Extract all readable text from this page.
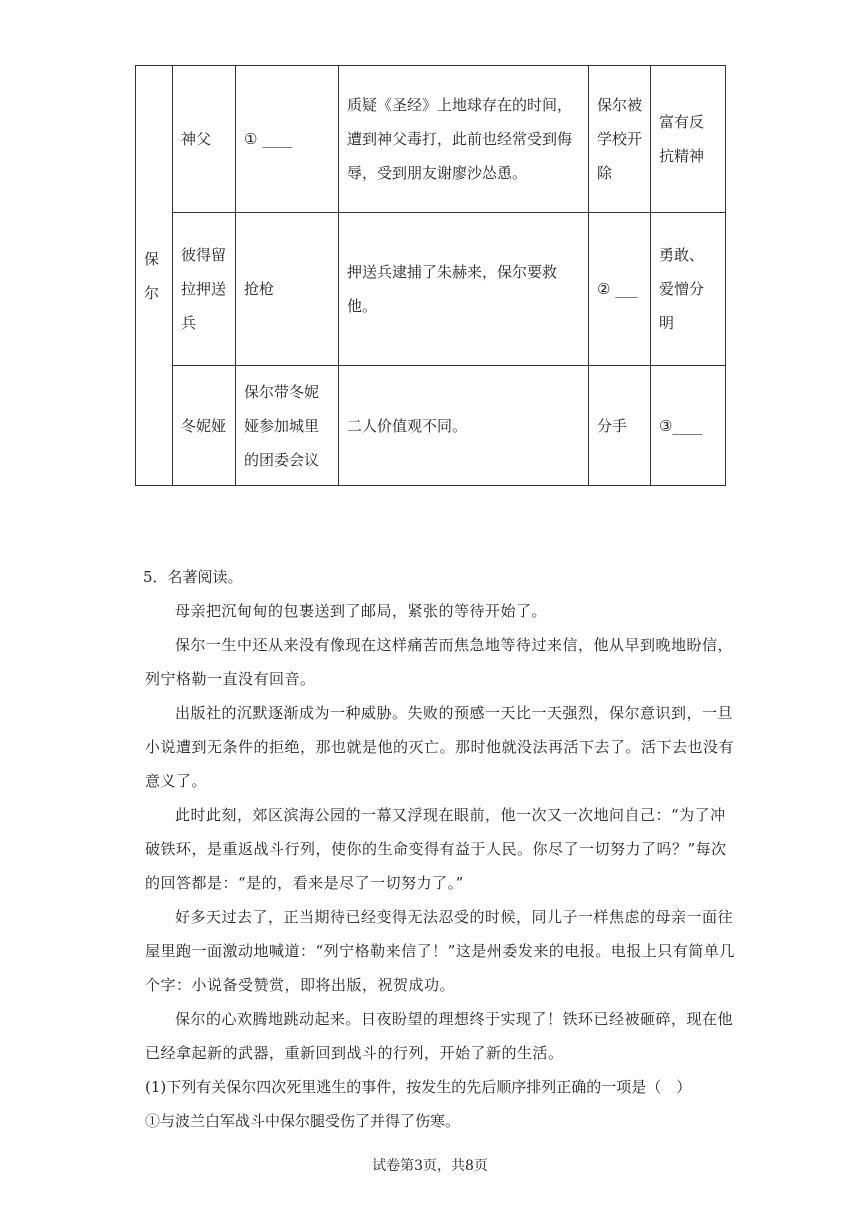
保尔	神父	① ____	质疑《圣经》上地球存在的时间，遭到神父毒打，此前也经常受到侮辱，受到朋友谢廖沙怂恿。	保尔被学校开除	富有反抗精神
	彼得留拉押送兵	抢枪	押送兵逮捕了朱赫来，保尔要救他。	② ___	勇敢、爱憎分明
	冬妮娅	保尔带冬妮娅参加城里的团委会议	二人价值观不同。	分手	③____
5．名著阅读。

母亲把沉甸甸的包裹送到了邮局，紧张的等待开始了。

保尔一生中还从来没有像现在这样痛苦而焦急地等待过来信，他从早到晚地盼信，列宁格勒一直没有回音。

出版社的沉默逐渐成为一种威胁。失败的预感一天比一天强烈，保尔意识到，一旦小说遭到无条件的拒绝，那也就是他的灭亡。那时他就没法再活下去了。活下去也没有意义了。

此时此刻，郊区滨海公园的一幕又浮现在眼前，他一次又一次地问自己：“为了冲破铁环，是重返战斗行列，使你的生命变得有益于人民。你尽了一切努力了吗？”每次的回答都是：“是的，看来是尽了一切努力了。”

好多天过去了，正当期待已经变得无法忍受的时候，同儿子一样焦虑的母亲一面往屋里跑一面激动地喊道：“列宁格勒来信了！”这是州委发来的电报。电报上只有简单几个字：小说备受赞赏，即将出版，祝贺成功。

保尔的心欢腾地跳动起来。日夜盼望的理想终于实现了！铁环已经被砸碎，现在他已经拿起新的武器，重新回到战斗的行列，开始了新的生活。

(1)下列有关保尔四次死里逃生的事件，按发生的先后顺序排列正确的一项是（　）

①与波兰白军战斗中保尔腿受伤了并得了伤寒。

试卷第3页，共8页
